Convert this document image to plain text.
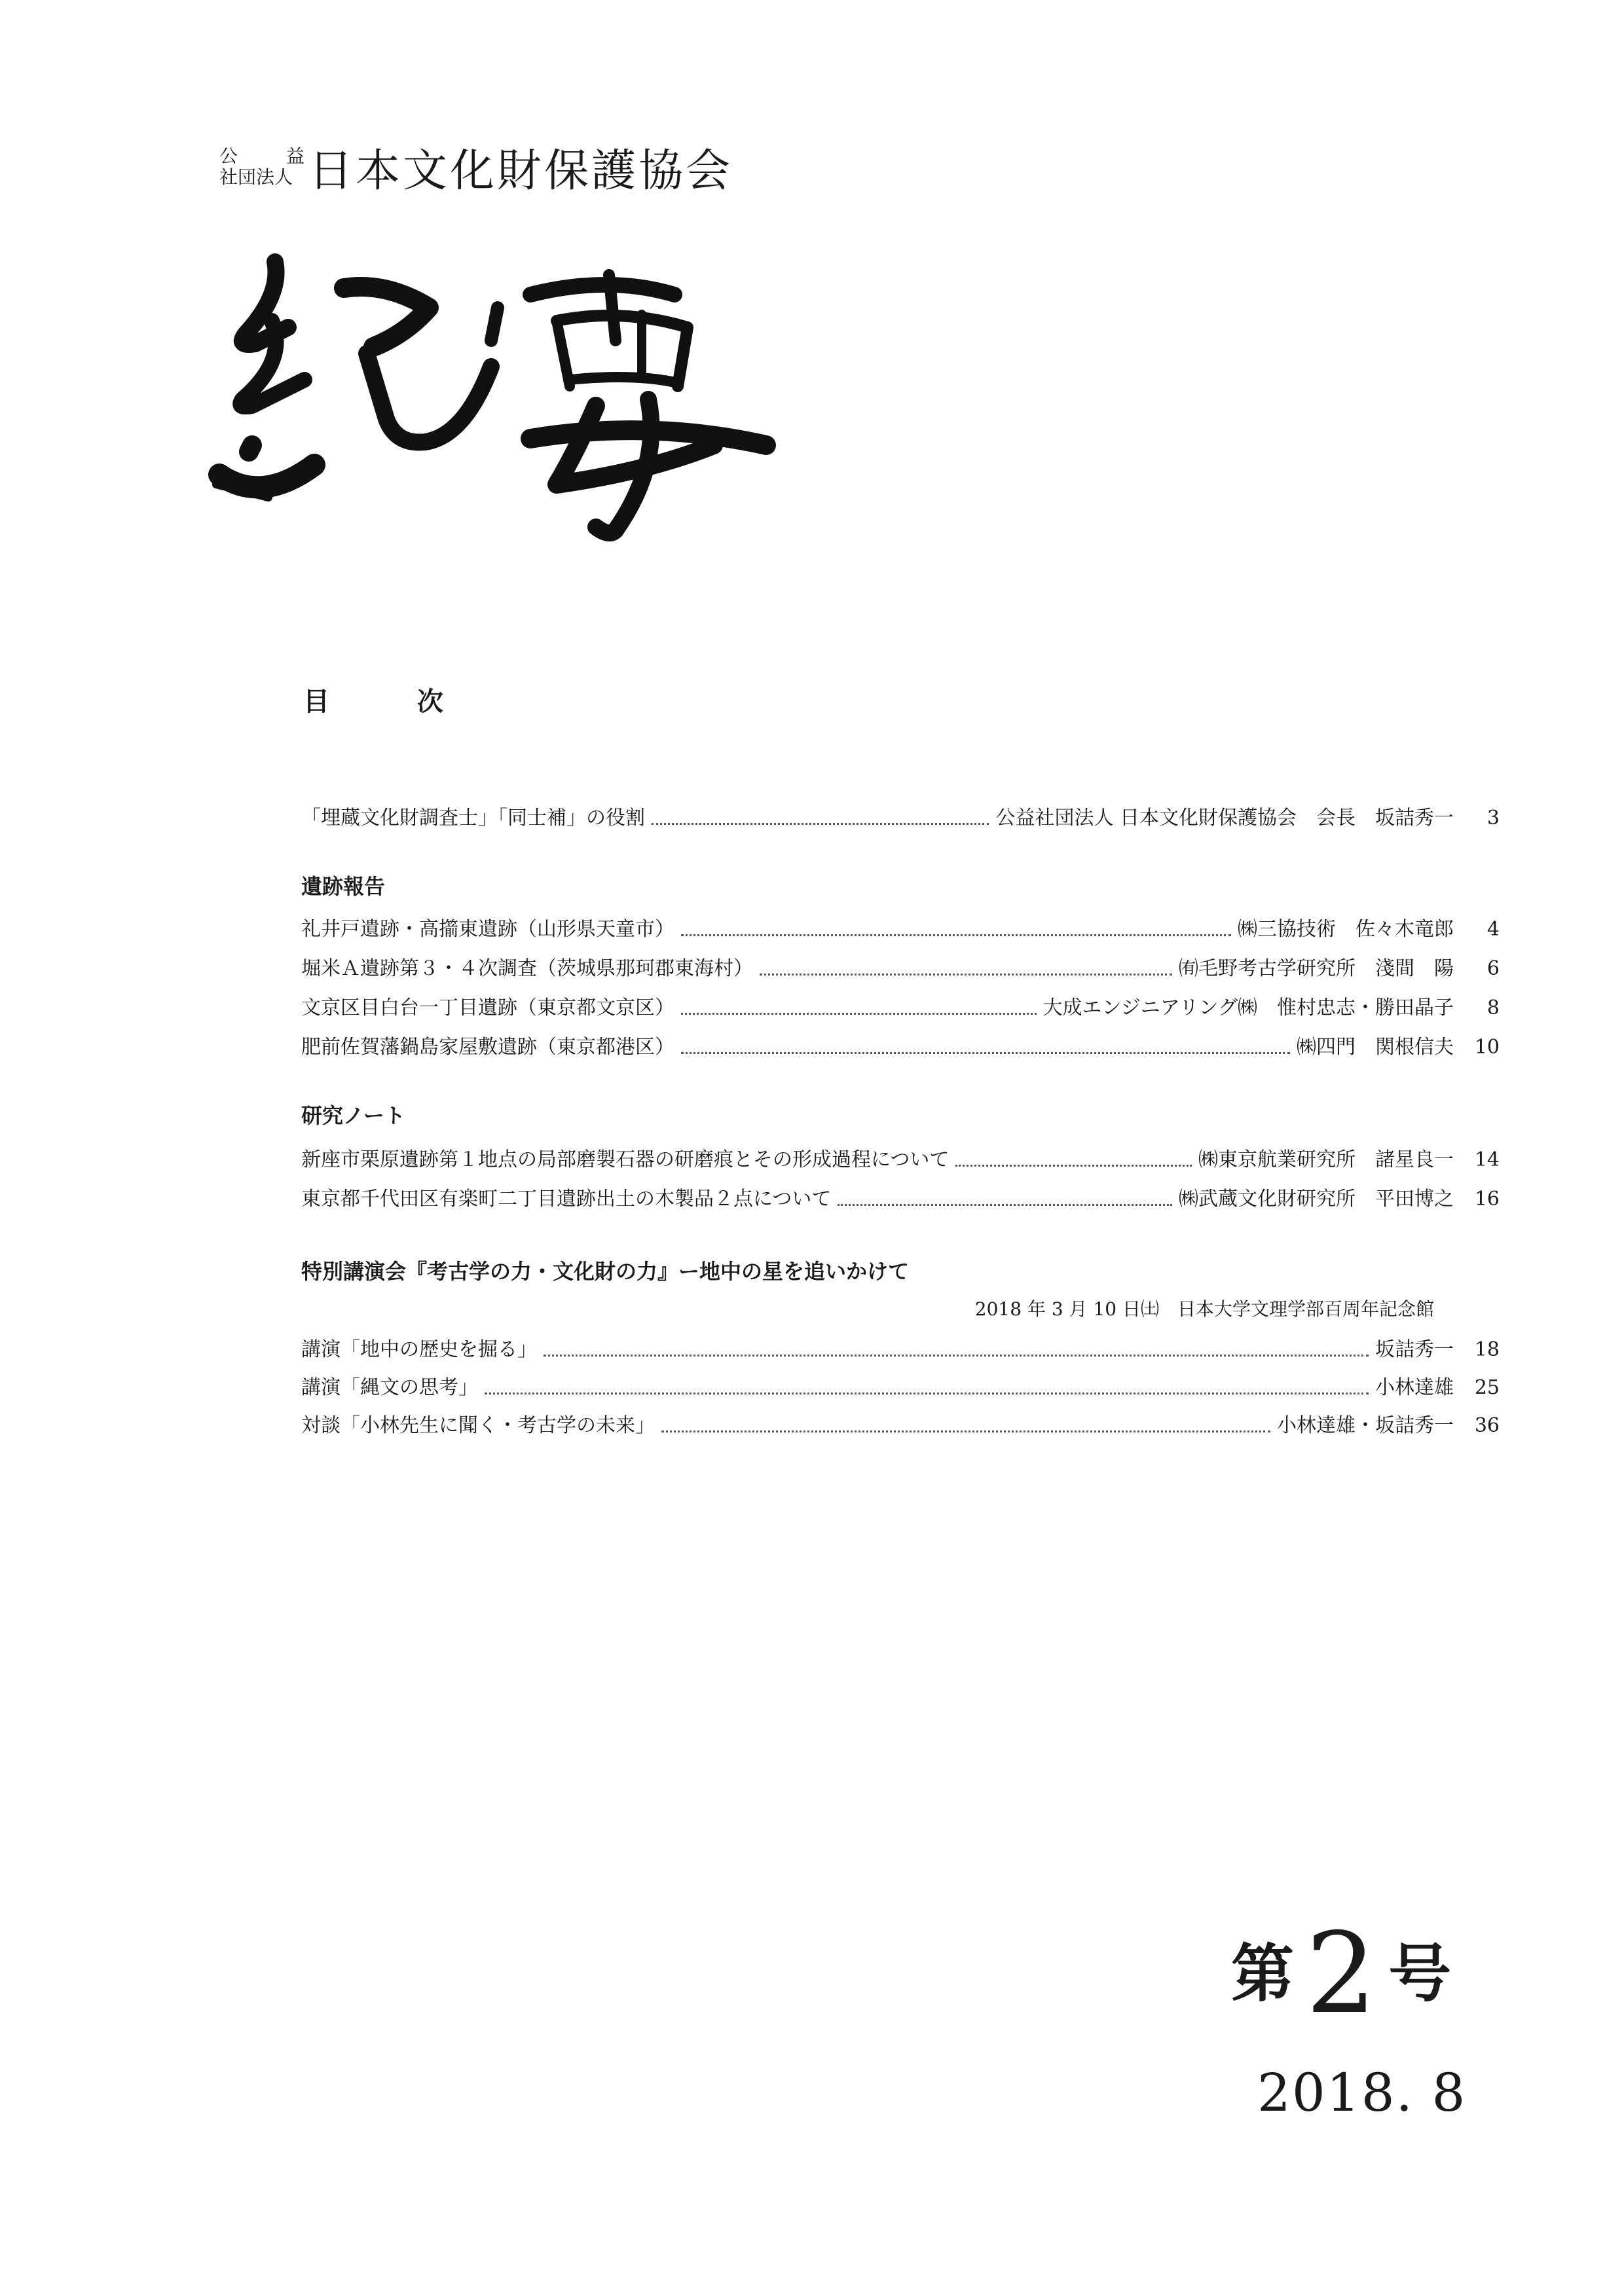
公	益
社団法人 日本文化財保護協会
目 次
「埋蔵文化財調査士」「同士補」の役割	公益社団法人 日本文化財保護協会　会長　坂詰秀一	3
遺跡報告
礼井戸遺跡・高擶東遺跡（山形県天童市）	㈱三協技術　佐々木竜郎	4
堀米Ａ遺跡第３・４次調査（茨城県那珂郡東海村）	㈲毛野考古学研究所　淺間　陽	6
文京区目白台一丁目遺跡（東京都文京区）	大成エンジニアリング㈱　惟村忠志・勝田晶子	8
肥前佐賀藩鍋島家屋敷遺跡（東京都港区）	㈱四門　関根信夫	10
研究ノート
新座市栗原遺跡第１地点の局部磨製石器の研磨痕とその形成過程について	㈱東京航業研究所　諸星良一	14
東京都千代田区有楽町二丁目遺跡出土の木製品２点について	㈱武蔵文化財研究所　平田博之	16
特別講演会『考古学の力・文化財の力』ー地中の星を追いかけて
2018 年 3 月 10 日㈯　日本大学文理学部百周年記念館
講演「地中の歴史を掘る」	坂詰秀一	18
講演「縄文の思考」	小林達雄	25
対談「小林先生に聞く・考古学の未来」	小林達雄・坂詰秀一	36
第 2 号
2018. 8
